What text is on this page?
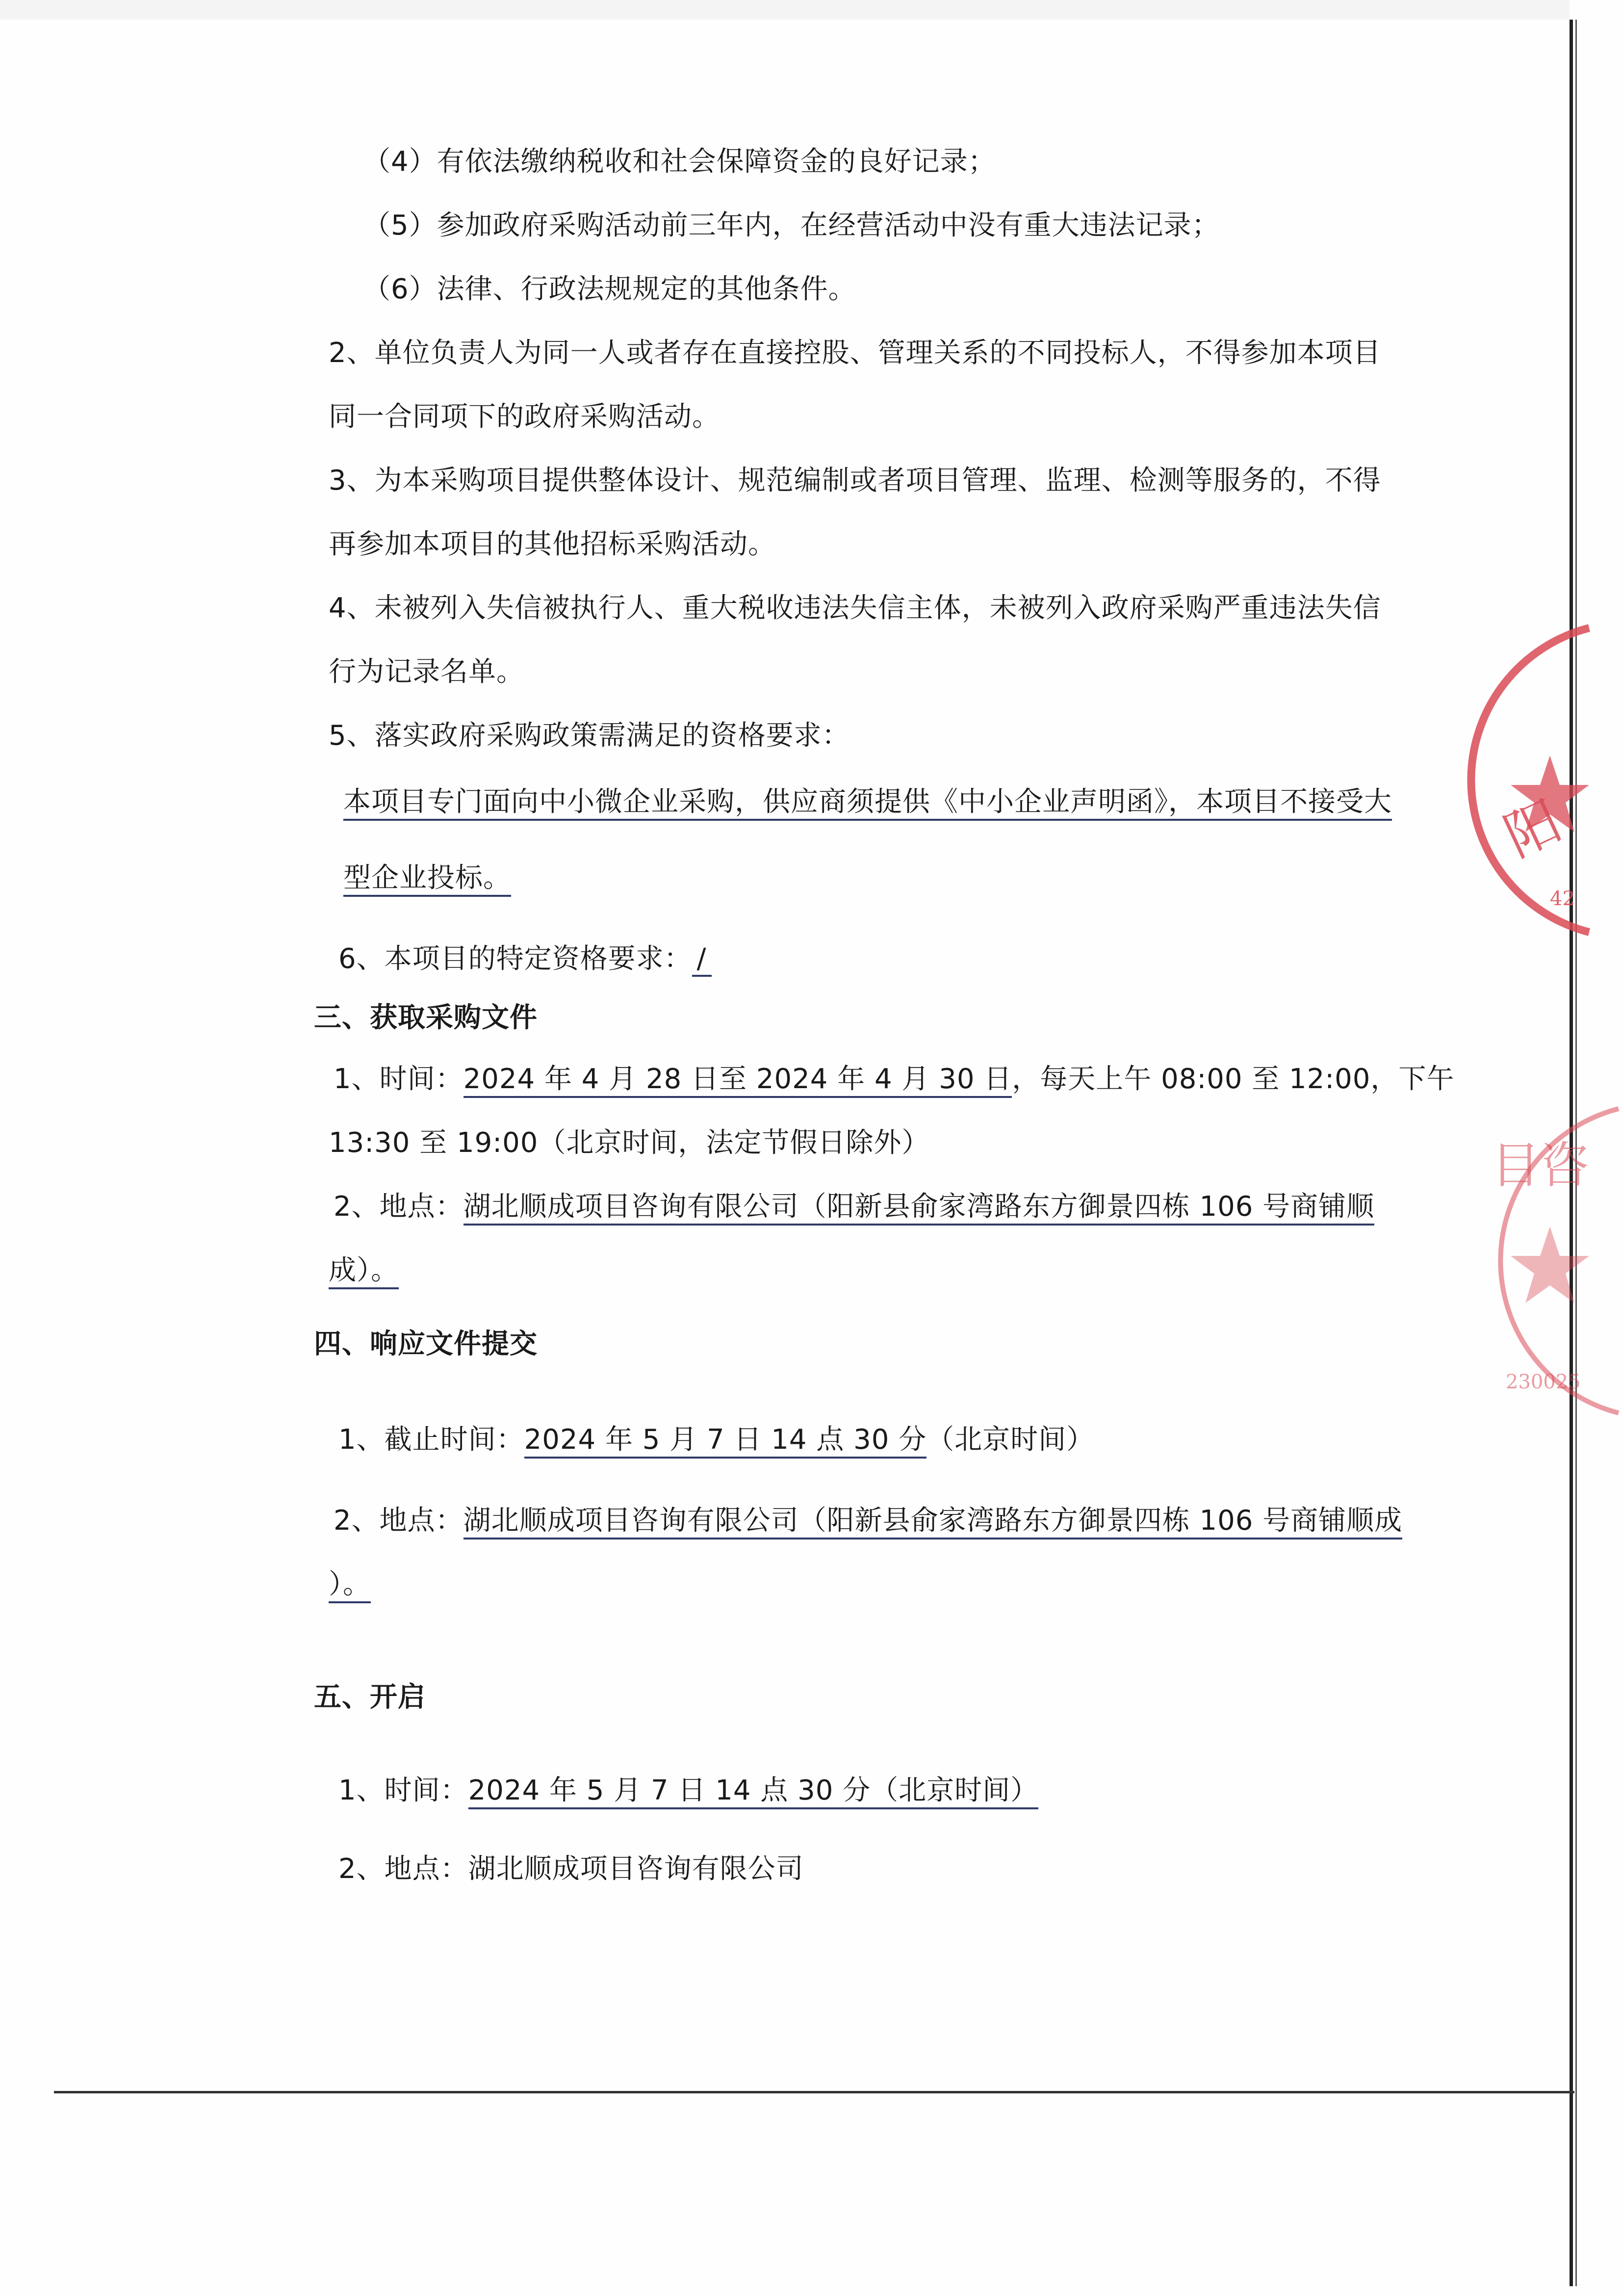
（4）有依法缴纳税收和社会保障资金的良好记录；
（5）参加政府采购活动前三年内，在经营活动中没有重大违法记录；
（6）法律、行政法规规定的其他条件。
2、单位负责人为同一人或者存在直接控股、管理关系的不同投标人，不得参加本项目
同一合同项下的政府采购活动。
3、为本采购项目提供整体设计、规范编制或者项目管理、监理、检测等服务的，不得
再参加本项目的其他招标采购活动。
4、未被列入失信被执行人、重大税收违法失信主体，未被列入政府采购严重违法失信
行为记录名单。
5、落实政府采购政策需满足的资格要求：
本项目专门面向中小微企业采购，供应商须提供《中小企业声明函》，本项目不接受大
型企业投标。
6、本项目的特定资格要求： /
三、获取采购文件
1、时间：2024 年 4 月 28 日至 2024 年 4 月 30 日，每天上午 08:00 至 12:00，下午
13:30 至 19:00（北京时间，法定节假日除外）
2、地点：湖北顺成项目咨询有限公司（阳新县俞家湾路东方御景四栋 106 号商铺顺
成）。
四、响应文件提交
1、截止时间：2024 年 5 月 7 日 14 点 30 分（北京时间）
2、地点：湖北顺成项目咨询有限公司（阳新县俞家湾路东方御景四栋 106 号商铺顺成
）。
五、开启
1、时间：2024 年 5 月 7 日 14 点 30 分（北京时间）
2、地点：湖北顺成项目咨询有限公司
阳
42
目咨
230025
